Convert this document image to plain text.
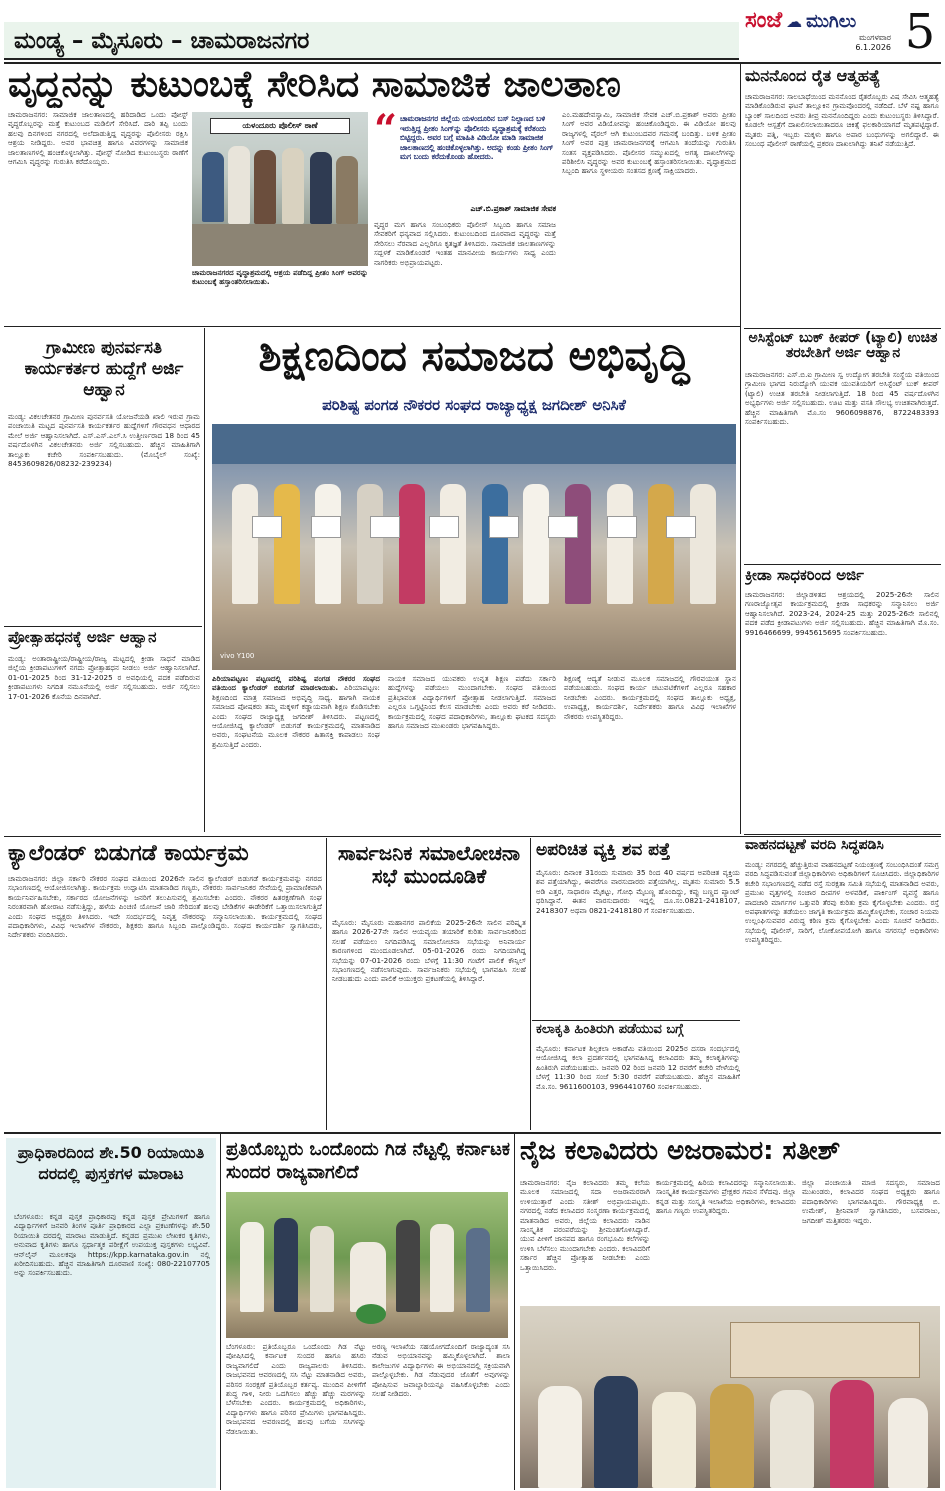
ಮಂಡ್ಯ – ಮೈಸೂರು – ಚಾಮರಾಜನಗರ
ಸಂಜೆ ☁ ಮುಗಿಲು
ಮಂಗಳವಾರ
6.1.2026 5
ವೃದ್ಧನನ್ನು ಕುಟುಂಬಕ್ಕೆ ಸೇರಿಸಿದ ಸಾಮಾಜಿಕ ಜಾಲತಾಣ
ಚಾಮರಾಜನಗರ: ಸಾಮಾಜಿಕ ಜಾಲತಾಣದಲ್ಲಿ ಹರಿದಾಡಿದ ಒಂದು ಪೋಸ್ಟ್ ವೃದ್ಧರೊಬ್ಬರನ್ನು ಮತ್ತೆ ಕುಟುಂಬದ ಮಡಿಲಿಗೆ ಸೇರಿಸಿದೆ. ದಾರಿ ತಪ್ಪಿ ಬಂದು ಹಲವು ದಿನಗಳಿಂದ ನಗರದಲ್ಲಿ ಅಲೆದಾಡುತ್ತಿದ್ದ ವೃದ್ಧರನ್ನು ಪೊಲೀಸರು ರಕ್ಷಿಸಿ ಆಶ್ರಯ ನೀಡಿದ್ದರು. ಅವರ ಭಾವಚಿತ್ರ ಹಾಗೂ ವಿವರಗಳನ್ನು ಸಾಮಾಜಿಕ ಜಾಲತಾಣಗಳಲ್ಲಿ ಹಂಚಿಕೊಳ್ಳಲಾಗಿತ್ತು. ಪೋಸ್ಟ್ ನೋಡಿದ ಕುಟುಂಬಸ್ಥರು ಠಾಣೆಗೆ ಆಗಮಿಸಿ ವೃದ್ಧರನ್ನು ಗುರುತಿಸಿ ಕರೆದೊಯ್ದರು.
ಯಳಂದೂರು ಪೊಲೀಸ್ ಠಾಣೆ
ಚಾಮರಾಜನಗರದ ವೃದ್ಧಾಶ್ರಮದಲ್ಲಿ ಆಶ್ರಯ ಪಡೆದಿದ್ದ ಪ್ರೀತಂ ಸಿಂಗ್ ಅವರನ್ನು ಕುಟುಂಬಕ್ಕೆ ಹಸ್ತಾಂತರಿಸಲಾಯಿತು.
“ ಚಾಮರಾಜನಗರ ಜಿಲ್ಲೆಯ ಯಳಂದೂರಿನ ಬಸ್ ನಿಲ್ದಾಣದ ಬಳಿ ಇರುತ್ತಿದ್ದ ಪ್ರೀತಂ ಸಿಂಗ್‌ನ್ನು ಪೊಲೀಸರು ವೃದ್ಧಾಶ್ರಮಕ್ಕೆ ಕರೆತಂದು ಬಿಟ್ಟಿದ್ದರು. ಅವರ ಬಗ್ಗೆ ಮಾಹಿತಿ ವಿಡಿಯೋ ಮಾಡಿ ಸಾಮಾಜಿಕ ಜಾಲತಾಣದಲ್ಲಿ ಹಂಚಿಕೊಳ್ಳಲಾಗಿತ್ತು. ಅದನ್ನು ಕಂಡು ಪ್ರೀತಂ ಸಿಂಗ್ ಮಗ ಬಂದು ಕರೆದುಕೊಂಡು ಹೋದರು.
ಎಚ್.ಬಿ.ಪ್ರಕಾಶ್ ಸಾಮಾಜಿಕ ಸೇವಕ
ವೃದ್ಧರ ಮಗ ಹಾಗೂ ಸಂಬಂಧಿಕರು ಪೊಲೀಸ್ ಸಿಬ್ಬಂದಿ ಹಾಗೂ ಸಮಾಜ ಸೇವಕರಿಗೆ ಧನ್ಯವಾದ ಸಲ್ಲಿಸಿದರು. ಕುಟುಂಬದಿಂದ ದೂರವಾದ ವೃದ್ಧರನ್ನು ಮತ್ತೆ ಸೇರಿಸಲು ನೆರವಾದ ಎಲ್ಲರಿಗೂ ಕೃತಜ್ಞತೆ ತಿಳಿಸಿದರು. ಸಾಮಾಜಿಕ ಜಾಲತಾಣಗಳನ್ನು ಸದ್ಬಳಕೆ ಮಾಡಿಕೊಂಡರೆ ಇಂತಹ ಮಾನವೀಯ ಕಾರ್ಯಗಳು ಸಾಧ್ಯ ಎಂದು ನಾಗರಿಕರು ಅಭಿಪ್ರಾಯಪಟ್ಟರು.
ಎಂ.ಮಹದೇವಸ್ವಾಮಿ, ಸಾಮಾಜಿಕ ಸೇವಕ ಎಚ್.ಬಿ.ಪ್ರಕಾಶ್ ಅವರು ಪ್ರೀತಂ ಸಿಂಗ್ ಅವರ ವಿಡಿಯೋವನ್ನು ಹಂಚಿಕೊಂಡಿದ್ದರು. ಈ ವಿಡಿಯೋ ಹಲವು ರಾಜ್ಯಗಳಲ್ಲಿ ವೈರಲ್ ಆಗಿ ಕುಟುಂಬದವರ ಗಮನಕ್ಕೆ ಬಂದಿತ್ತು. ಬಳಿಕ ಪ್ರೀತಂ ಸಿಂಗ್ ಅವರ ಪುತ್ರ ಚಾಮರಾಜನಗರಕ್ಕೆ ಆಗಮಿಸಿ ತಂದೆಯನ್ನು ಗುರುತಿಸಿ ಸಂತಸ ವ್ಯಕ್ತಪಡಿಸಿದರು. ಪೊಲೀಸರ ಸಮ್ಮುಖದಲ್ಲಿ ಅಗತ್ಯ ದಾಖಲೆಗಳನ್ನು ಪರಿಶೀಲಿಸಿ ವೃದ್ಧರನ್ನು ಅವರ ಕುಟುಂಬಕ್ಕೆ ಹಸ್ತಾಂತರಿಸಲಾಯಿತು. ವೃದ್ಧಾಶ್ರಮದ ಸಿಬ್ಬಂದಿ ಹಾಗೂ ಸ್ಥಳೀಯರು ಸಂತಸದ ಕ್ಷಣಕ್ಕೆ ಸಾಕ್ಷಿಯಾದರು.
ಮನನೊಂದ ರೈತ ಆತ್ಮಹತ್ಯೆ
ಚಾಮರಾಜನಗರ: ಸಾಲಬಾಧೆಯಿಂದ ಮನನೊಂದ ರೈತರೊಬ್ಬರು ವಿಷ ಸೇವಿಸಿ ಆತ್ಮಹತ್ಯೆ ಮಾಡಿಕೊಂಡಿರುವ ಘಟನೆ ತಾಲ್ಲೂಕಿನ ಗ್ರಾಮವೊಂದರಲ್ಲಿ ನಡೆದಿದೆ. ಬೆಳೆ ನಷ್ಟ ಹಾಗೂ ಬ್ಯಾಂಕ್ ಸಾಲದಿಂದ ಅವರು ತೀವ್ರ ಮನನೊಂದಿದ್ದರು ಎಂದು ಕುಟುಂಬಸ್ಥರು ತಿಳಿಸಿದ್ದಾರೆ. ಕೂಡಲೇ ಆಸ್ಪತ್ರೆಗೆ ದಾಖಲಿಸಲಾಯಿತಾದರೂ ಚಿಕಿತ್ಸೆ ಫಲಕಾರಿಯಾಗದೆ ಮೃತಪಟ್ಟಿದ್ದಾರೆ. ಮೃತರು ಪತ್ನಿ, ಇಬ್ಬರು ಮಕ್ಕಳು ಹಾಗೂ ಅಪಾರ ಬಂಧುಗಳನ್ನು ಅಗಲಿದ್ದಾರೆ. ಈ ಸಂಬಂಧ ಪೊಲೀಸ್ ಠಾಣೆಯಲ್ಲಿ ಪ್ರಕರಣ ದಾಖಲಾಗಿದ್ದು ತನಿಖೆ ನಡೆಯುತ್ತಿದೆ.
ಅಸಿಸ್ಟೆಂಟ್ ಬುಕ್ ಕೀಪರ್ (ಟ್ಯಾಲಿ) ಉಚಿತ ತರಬೇತಿಗೆ ಅರ್ಜಿ ಆಹ್ವಾನ
ಚಾಮರಾಜನಗರ: ಎಸ್.ಬಿ.ಐ ಗ್ರಾಮೀಣ ಸ್ವ ಉದ್ಯೋಗ ತರಬೇತಿ ಸಂಸ್ಥೆಯ ವತಿಯಿಂದ ಗ್ರಾಮೀಣ ಭಾಗದ ನಿರುದ್ಯೋಗಿ ಯುವಕ ಯುವತಿಯರಿಗೆ ಅಸಿಸ್ಟೆಂಟ್ ಬುಕ್ ಕೀಪರ್ (ಟ್ಯಾಲಿ) ಉಚಿತ ತರಬೇತಿ ನೀಡಲಾಗುತ್ತಿದೆ. 18 ರಿಂದ 45 ವರ್ಷದೊಳಗಿನ ಅಭ್ಯರ್ಥಿಗಳು ಅರ್ಜಿ ಸಲ್ಲಿಸಬಹುದು. ಊಟ ಮತ್ತು ವಸತಿ ಸೌಲಭ್ಯ ಉಚಿತವಾಗಿರುತ್ತದೆ. ಹೆಚ್ಚಿನ ಮಾಹಿತಿಗಾಗಿ ಮೊ.ಸಂ 9606098876, 8722483393 ಸಂಪರ್ಕಿಸಬಹುದು.
ಕ್ರೀಡಾ ಸಾಧಕರಿಂದ ಅರ್ಜಿ
ಚಾಮರಾಜನಗರ: ಜಿಲ್ಲಾಡಳಿತದ ಆಶ್ರಯದಲ್ಲಿ 2025-26ನೇ ಸಾಲಿನ ಗಣರಾಜ್ಯೋತ್ಸವ ಕಾರ್ಯಕ್ರಮದಲ್ಲಿ ಕ್ರೀಡಾ ಸಾಧಕರನ್ನು ಸನ್ಮಾನಿಸಲು ಅರ್ಜಿ ಆಹ್ವಾನಿಸಲಾಗಿದೆ. 2023-24, 2024-25 ಮತ್ತು 2025-26ನೇ ಸಾಲಿನಲ್ಲಿ ಪದಕ ಪಡೆದ ಕ್ರೀಡಾಪಟುಗಳು ಅರ್ಜಿ ಸಲ್ಲಿಸಬಹುದು. ಹೆಚ್ಚಿನ ಮಾಹಿತಿಗಾಗಿ ಮೊ.ಸಂ. 9916466699, 9945615695 ಸಂಪರ್ಕಿಸಬಹುದು.
ವಾಹನದಟ್ಟಣೆ ವರದಿ ಸಿದ್ಧಪಡಿಸಿ
ಮಂಡ್ಯ: ನಗರದಲ್ಲಿ ಹೆಚ್ಚುತ್ತಿರುವ ವಾಹನದಟ್ಟಣೆ ನಿಯಂತ್ರಣಕ್ಕೆ ಸಂಬಂಧಿಸಿದಂತೆ ಸಮಗ್ರ ವರದಿ ಸಿದ್ಧಪಡಿಸುವಂತೆ ಜಿಲ್ಲಾಧಿಕಾರಿಗಳು ಅಧಿಕಾರಿಗಳಿಗೆ ಸೂಚಿಸಿದರು. ಜಿಲ್ಲಾಧಿಕಾರಿಗಳ ಕಚೇರಿ ಸಭಾಂಗಣದಲ್ಲಿ ನಡೆದ ರಸ್ತೆ ಸುರಕ್ಷತಾ ಸಮಿತಿ ಸಭೆಯಲ್ಲಿ ಮಾತನಾಡಿದ ಅವರು, ಪ್ರಮುಖ ವೃತ್ತಗಳಲ್ಲಿ ಸಂಚಾರ ದೀಪಗಳ ಅಳವಡಿಕೆ, ಪಾರ್ಕಿಂಗ್ ವ್ಯವಸ್ಥೆ ಹಾಗೂ ಪಾದಚಾರಿ ಮಾರ್ಗಗಳ ಒತ್ತುವರಿ ತೆರವು ಕುರಿತು ಕ್ರಮ ಕೈಗೊಳ್ಳಬೇಕು ಎಂದರು. ರಸ್ತೆ ಅಪಘಾತಗಳನ್ನು ತಡೆಯಲು ಜಾಗೃತಿ ಕಾರ್ಯಕ್ರಮ ಹಮ್ಮಿಕೊಳ್ಳಬೇಕು, ಸಂಚಾರ ನಿಯಮ ಉಲ್ಲಂಘಿಸುವವರ ವಿರುದ್ಧ ಕಠಿಣ ಕ್ರಮ ಕೈಗೊಳ್ಳಬೇಕು ಎಂದು ಸೂಚನೆ ನೀಡಿದರು. ಸಭೆಯಲ್ಲಿ ಪೊಲೀಸ್, ಸಾರಿಗೆ, ಲೋಕೋಪಯೋಗಿ ಹಾಗೂ ನಗರಸಭೆ ಅಧಿಕಾರಿಗಳು ಉಪಸ್ಥಿತರಿದ್ದರು.
ಗ್ರಾಮೀಣ ಪುನರ್ವಸತಿ ಕಾರ್ಯಕರ್ತರ ಹುದ್ದೆಗೆ ಅರ್ಜಿ ಆಹ್ವಾನ
ಮಂಡ್ಯ: ವಿಕಲಚೇತನರ ಗ್ರಾಮೀಣ ಪುನರ್ವಸತಿ ಯೋಜನೆಯಡಿ ಖಾಲಿ ಇರುವ ಗ್ರಾಮ ಪಂಚಾಯಿತಿ ಮಟ್ಟದ ಪುನರ್ವಸತಿ ಕಾರ್ಯಕರ್ತರ ಹುದ್ದೆಗಳಿಗೆ ಗೌರವಧನ ಆಧಾರದ ಮೇಲೆ ಅರ್ಜಿ ಆಹ್ವಾನಿಸಲಾಗಿದೆ. ಎಸ್.ಎಸ್.ಎಲ್.ಸಿ ಉತ್ತೀರ್ಣರಾದ 18 ರಿಂದ 45 ವರ್ಷದೊಳಗಿನ ವಿಕಲಚೇತನರು ಅರ್ಜಿ ಸಲ್ಲಿಸಬಹುದು. ಹೆಚ್ಚಿನ ಮಾಹಿತಿಗಾಗಿ ತಾಲ್ಲೂಕು ಕಚೇರಿ ಸಂಪರ್ಕಿಸಬಹುದು. (ಮೊಬೈಲ್ ಸಂಖ್ಯೆ: 8453609826/08232-239234)
ಪ್ರೋತ್ಸಾಹಧನಕ್ಕೆ ಅರ್ಜಿ ಆಹ್ವಾನ
ಮಂಡ್ಯ: ಅಂತಾರಾಷ್ಟ್ರೀಯ/ರಾಷ್ಟ್ರೀಯ/ರಾಜ್ಯ ಮಟ್ಟದಲ್ಲಿ ಕ್ರೀಡಾ ಸಾಧನೆ ಮಾಡಿದ ಜಿಲ್ಲೆಯ ಕ್ರೀಡಾಪಟುಗಳಿಗೆ ನಗದು ಪ್ರೋತ್ಸಾಹಧನ ನೀಡಲು ಅರ್ಜಿ ಆಹ್ವಾನಿಸಲಾಗಿದೆ. 01-01-2025 ರಿಂದ 31-12-2025 ರ ಅವಧಿಯಲ್ಲಿ ಪದಕ ಪಡೆದಿರುವ ಕ್ರೀಡಾಪಟುಗಳು ನಿಗದಿತ ನಮೂನೆಯಲ್ಲಿ ಅರ್ಜಿ ಸಲ್ಲಿಸಬಹುದು. ಅರ್ಜಿ ಸಲ್ಲಿಸಲು 17-01-2026 ಕೊನೆಯ ದಿನವಾಗಿದೆ.
ಶಿಕ್ಷಣದಿಂದ ಸಮಾಜದ ಅಭಿವೃದ್ಧಿ
ಪರಿಶಿಷ್ಟ ಪಂಗಡ ನೌಕರರ ಸಂಘದ ರಾಜ್ಯಾಧ್ಯಕ್ಷ ಜಗದೀಶ್ ಅನಿಸಿಕೆ
vivo Y100
ಪಿರಿಯಾಪಟ್ಟಣ: ಪಟ್ಟಣದಲ್ಲಿ ಪರಿಶಿಷ್ಟ ಪಂಗಡ ನೌಕರರ ಸಂಘದ ವತಿಯಿಂದ ಕ್ಯಾಲೆಂಡರ್ ಬಿಡುಗಡೆ ಮಾಡಲಾಯಿತು. ಪಿರಿಯಾಪಟ್ಟಣ: ಶಿಕ್ಷಣದಿಂದ ಮಾತ್ರ ಸಮಾಜದ ಅಭಿವೃದ್ಧಿ ಸಾಧ್ಯ. ಹಾಗಾಗಿ ನಾಯಕ ಸಮಾಜದ ಪೋಷಕರು ತಮ್ಮ ಮಕ್ಕಳಿಗೆ ಕಡ್ಡಾಯವಾಗಿ ಶಿಕ್ಷಣ ಕೊಡಿಸಬೇಕು ಎಂದು ಸಂಘದ ರಾಜ್ಯಾಧ್ಯಕ್ಷ ಜಗದೀಶ್ ತಿಳಿಸಿದರು. ಪಟ್ಟಣದಲ್ಲಿ ಆಯೋಜಿಸಿದ್ದ ಕ್ಯಾಲೆಂಡರ್ ಬಿಡುಗಡೆ ಕಾರ್ಯಕ್ರಮದಲ್ಲಿ ಮಾತನಾಡಿದ ಅವರು, ಸಂಘಟನೆಯ ಮೂಲಕ ನೌಕರರ ಹಿತಾಸಕ್ತಿ ಕಾಪಾಡಲು ಸಂಘ ಶ್ರಮಿಸುತ್ತಿದೆ ಎಂದರು.
ನಾಯಕ ಸಮಾಜದ ಯುವಕರು ಉನ್ನತ ಶಿಕ್ಷಣ ಪಡೆದು ಸರ್ಕಾರಿ ಹುದ್ದೆಗಳನ್ನು ಪಡೆಯಲು ಮುಂದಾಗಬೇಕು. ಸಂಘದ ವತಿಯಿಂದ ಪ್ರತಿಭಾವಂತ ವಿದ್ಯಾರ್ಥಿಗಳಿಗೆ ಪ್ರೋತ್ಸಾಹ ನೀಡಲಾಗುತ್ತಿದೆ. ಸಮಾಜದ ಎಲ್ಲರೂ ಒಗ್ಗಟ್ಟಿನಿಂದ ಕೆಲಸ ಮಾಡಬೇಕು ಎಂದು ಅವರು ಕರೆ ನೀಡಿದರು. ಕಾರ್ಯಕ್ರಮದಲ್ಲಿ ಸಂಘದ ಪದಾಧಿಕಾರಿಗಳು, ತಾಲ್ಲೂಕು ಘಟಕದ ಸದಸ್ಯರು ಹಾಗೂ ಸಮಾಜದ ಮುಖಂಡರು ಭಾಗವಹಿಸಿದ್ದರು.
ಶಿಕ್ಷಣಕ್ಕೆ ಆದ್ಯತೆ ನೀಡುವ ಮೂಲಕ ಸಮಾಜದಲ್ಲಿ ಗೌರವಯುತ ಸ್ಥಾನ ಪಡೆಯಬಹುದು. ಸಂಘದ ಕಾರ್ಯ ಚಟುವಟಿಕೆಗಳಿಗೆ ಎಲ್ಲರೂ ಸಹಕಾರ ನೀಡಬೇಕು ಎಂದರು. ಕಾರ್ಯಕ್ರಮದಲ್ಲಿ ಸಂಘದ ತಾಲ್ಲೂಕು ಅಧ್ಯಕ್ಷ, ಉಪಾಧ್ಯಕ್ಷ, ಕಾರ್ಯದರ್ಶಿ, ನಿರ್ದೇಶಕರು ಹಾಗೂ ವಿವಿಧ ಇಲಾಖೆಗಳ ನೌಕರರು ಉಪಸ್ಥಿತರಿದ್ದರು.
ಕ್ಯಾಲೆಂಡರ್ ಬಿಡುಗಡೆ ಕಾರ್ಯಕ್ರಮ
ಚಾಮರಾಜನಗರ: ಜಿಲ್ಲಾ ಸರ್ಕಾರಿ ನೌಕರರ ಸಂಘದ ವತಿಯಿಂದ 2026ನೇ ಸಾಲಿನ ಕ್ಯಾಲೆಂಡರ್ ಬಿಡುಗಡೆ ಕಾರ್ಯಕ್ರಮವನ್ನು ನಗರದ ಸಭಾಂಗಣದಲ್ಲಿ ಆಯೋಜಿಸಲಾಗಿತ್ತು. ಕಾರ್ಯಕ್ರಮ ಉದ್ಘಾಟಿಸಿ ಮಾತನಾಡಿದ ಗಣ್ಯರು, ನೌಕರರು ಸಾರ್ವಜನಿಕರ ಸೇವೆಯಲ್ಲಿ ಪ್ರಾಮಾಣಿಕವಾಗಿ ಕಾರ್ಯನಿರ್ವಹಿಸಬೇಕು, ಸರ್ಕಾರದ ಯೋಜನೆಗಳನ್ನು ಜನರಿಗೆ ತಲುಪಿಸುವಲ್ಲಿ ಶ್ರಮಿಸಬೇಕು ಎಂದರು. ನೌಕರರ ಹಿತರಕ್ಷಣೆಗಾಗಿ ಸಂಘ ನಿರಂತರವಾಗಿ ಹೋರಾಟ ನಡೆಸುತ್ತಿದ್ದು, ಹಳೆಯ ಪಿಂಚಣಿ ಯೋಜನೆ ಜಾರಿ ಸೇರಿದಂತೆ ಹಲವು ಬೇಡಿಕೆಗಳ ಈಡೇರಿಕೆಗೆ ಒತ್ತಾಯಿಸಲಾಗುತ್ತಿದೆ ಎಂದು ಸಂಘದ ಅಧ್ಯಕ್ಷರು ತಿಳಿಸಿದರು. ಇದೇ ಸಂದರ್ಭದಲ್ಲಿ ನಿವೃತ್ತ ನೌಕರರನ್ನು ಸನ್ಮಾನಿಸಲಾಯಿತು. ಕಾರ್ಯಕ್ರಮದಲ್ಲಿ ಸಂಘದ ಪದಾಧಿಕಾರಿಗಳು, ವಿವಿಧ ಇಲಾಖೆಗಳ ನೌಕರರು, ಶಿಕ್ಷಕರು ಹಾಗೂ ಸಿಬ್ಬಂದಿ ಪಾಲ್ಗೊಂಡಿದ್ದರು. ಸಂಘದ ಕಾರ್ಯದರ್ಶಿ ಸ್ವಾಗತಿಸಿದರು, ನಿರ್ದೇಶಕರು ವಂದಿಸಿದರು.
ಸಾರ್ವಜನಿಕ ಸಮಾಲೋಚನಾ ಸಭೆ ಮುಂದೂಡಿಕೆ
ಮೈಸೂರು: ಮೈಸೂರು ಮಹಾನಗರ ಪಾಲಿಕೆಯ 2025-26ನೇ ಸಾಲಿನ ಪರಿಷ್ಕೃತ ಹಾಗೂ 2026-27ನೇ ಸಾಲಿನ ಆಯವ್ಯಯ ತಯಾರಿಕೆ ಕುರಿತು ಸಾರ್ವಜನಿಕರಿಂದ ಸಲಹೆ ಪಡೆಯಲು ನಿಗದಿಪಡಿಸಿದ್ದ ಸಮಾಲೋಚನಾ ಸಭೆಯನ್ನು ಅನಿವಾರ್ಯ ಕಾರಣಗಳಿಂದ ಮುಂದೂಡಲಾಗಿದೆ. 05-01-2026 ರಂದು ನಿಗದಿಯಾಗಿದ್ದ ಸಭೆಯನ್ನು 07-01-2026 ರಂದು ಬೆಳಗ್ಗೆ 11:30 ಗಂಟೆಗೆ ಪಾಲಿಕೆ ಕೌನ್ಸಿಲ್ ಸಭಾಂಗಣದಲ್ಲಿ ನಡೆಸಲಾಗುವುದು. ಸಾರ್ವಜನಿಕರು ಸಭೆಯಲ್ಲಿ ಭಾಗವಹಿಸಿ ಸಲಹೆ ನೀಡಬಹುದು ಎಂದು ಪಾಲಿಕೆ ಆಯುಕ್ತರು ಪ್ರಕಟಣೆಯಲ್ಲಿ ತಿಳಿಸಿದ್ದಾರೆ.
ಅಪರಿಚಿತ ವ್ಯಕ್ತಿ ಶವ ಪತ್ತೆ
ಮೈಸೂರು: ದಿನಾಂಕ 31ರಂದು ಸುಮಾರು 35 ರಿಂದ 40 ವರ್ಷದ ಅಪರಿಚಿತ ವ್ಯಕ್ತಿಯ ಶವ ಪತ್ತೆಯಾಗಿದ್ದು, ಈವರೆಗೂ ವಾರಸುದಾರರು ಪತ್ತೆಯಾಗಿಲ್ಲ. ಮೃತನು ಸುಮಾರು 5.5 ಅಡಿ ಎತ್ತರ, ಸಾಧಾರಣ ಮೈಕಟ್ಟು, ಗೋಧಿ ಮೈಬಣ್ಣ ಹೊಂದಿದ್ದು, ಕಪ್ಪು ಬಣ್ಣದ ಪ್ಯಾಂಟ್ ಧರಿಸಿದ್ದಾನೆ. ಈತನ ವಾರಸುದಾರರು ಇದ್ದಲ್ಲಿ ದೂ.ಸಂ.0821-2418107, 2418307 ಅಥವಾ 0821-2418180 ಗೆ ಸಂಪರ್ಕಿಸಬಹುದು.
ಕಲಾಕೃತಿ ಹಿಂತಿರುಗಿ ಪಡೆಯುವ ಬಗ್ಗೆ
ಮೈಸೂರು: ಕರ್ನಾಟಕ ಶಿಲ್ಪಕಲಾ ಅಕಾಡೆಮಿ ವತಿಯಿಂದ 2025ರ ದಸರಾ ಸಂದರ್ಭದಲ್ಲಿ ಆಯೋಜಿಸಿದ್ದ ಕಲಾ ಪ್ರದರ್ಶನದಲ್ಲಿ ಭಾಗವಹಿಸಿದ್ದ ಕಲಾವಿದರು ತಮ್ಮ ಕಲಾಕೃತಿಗಳನ್ನು ಹಿಂತಿರುಗಿ ಪಡೆಯಬಹುದು. ಜನವರಿ 02 ರಿಂದ ಜನವರಿ 12 ರವರೆಗೆ ಕಚೇರಿ ವೇಳೆಯಲ್ಲಿ ಬೆಳಗ್ಗೆ 11:30 ರಿಂದ ಸಂಜೆ 5:30 ರವರೆಗೆ ಪಡೆಯಬಹುದು. ಹೆಚ್ಚಿನ ಮಾಹಿತಿಗೆ ಮೊ.ಸಂ. 9611600103, 9964410760 ಸಂಪರ್ಕಿಸಬಹುದು.
ಪ್ರಾಧಿಕಾರದಿಂದ ಶೇ.50 ರಿಯಾಯಿತಿ ದರದಲ್ಲಿ ಪುಸ್ತಕಗಳ ಮಾರಾಟ
ಬೆಂಗಳೂರು: ಕನ್ನಡ ಪುಸ್ತಕ ಪ್ರಾಧಿಕಾರವು ಕನ್ನಡ ಪುಸ್ತಕ ಪ್ರೇಮಿಗಳಿಗೆ ಹಾಗೂ ವಿದ್ಯಾರ್ಥಿಗಳಿಗೆ ಜನವರಿ ತಿಂಗಳ ಪೂರ್ತಿ ಪ್ರಾಧಿಕಾರದ ಎಲ್ಲಾ ಪ್ರಕಟಣೆಗಳನ್ನು ಶೇ.50 ರಿಯಾಯಿತಿ ದರದಲ್ಲಿ ಮಾರಾಟ ಮಾಡುತ್ತಿದೆ. ಕನ್ನಡದ ಪ್ರಮುಖ ಲೇಖಕರ ಕೃತಿಗಳು, ಅನುವಾದ ಕೃತಿಗಳು ಹಾಗೂ ಸ್ಪರ್ಧಾತ್ಮಕ ಪರೀಕ್ಷೆಗೆ ಉಪಯುಕ್ತ ಪುಸ್ತಕಗಳು ಲಭ್ಯವಿವೆ. ಆನ್‌ಲೈನ್ ಮೂಲಕವೂ https://kpp.karnataka.gov.in ನಲ್ಲಿ ಖರೀದಿಸಬಹುದು. ಹೆಚ್ಚಿನ ಮಾಹಿತಿಗಾಗಿ ದೂರವಾಣಿ ಸಂಖ್ಯೆ: 080-22107705 ಅನ್ನು ಸಂಪರ್ಕಿಸಬಹುದು.
ಪ್ರತಿಯೊಬ್ಬರು ಒಂದೊಂದು ಗಿಡ ನೆಟ್ಟಲ್ಲಿ ಕರ್ನಾಟಕ ಸುಂದರ ರಾಜ್ಯವಾಗಲಿದೆ
ಬೆಂಗಳೂರು: ಪ್ರತಿಯೊಬ್ಬರೂ ಒಂದೊಂದು ಗಿಡ ನೆಟ್ಟು ಪೋಷಿಸಿದಲ್ಲಿ ಕರ್ನಾಟಕ ಸುಂದರ ಹಾಗೂ ಹಸಿರು ರಾಜ್ಯವಾಗಲಿದೆ ಎಂದು ರಾಜ್ಯಪಾಲರು ತಿಳಿಸಿದರು. ರಾಜಭವನದ ಆವರಣದಲ್ಲಿ ಸಸಿ ನೆಟ್ಟು ಮಾತನಾಡಿದ ಅವರು, ಪರಿಸರ ಸಂರಕ್ಷಣೆ ಪ್ರತಿಯೊಬ್ಬರ ಕರ್ತವ್ಯ. ಮುಂದಿನ ಪೀಳಿಗೆಗೆ ಶುದ್ಧ ಗಾಳಿ, ನೀರು ಒದಗಿಸಲು ಹೆಚ್ಚು ಹೆಚ್ಚು ಮರಗಳನ್ನು ಬೆಳೆಸಬೇಕು ಎಂದರು. ಕಾರ್ಯಕ್ರಮದಲ್ಲಿ ಅಧಿಕಾರಿಗಳು, ವಿದ್ಯಾರ್ಥಿಗಳು ಹಾಗೂ ಪರಿಸರ ಪ್ರೇಮಿಗಳು ಭಾಗವಹಿಸಿದ್ದರು. ರಾಜಭವನದ ಆವರಣದಲ್ಲಿ ಹಲವು ಬಗೆಯ ಸಸಿಗಳನ್ನು ನೆಡಲಾಯಿತು.
ಅರಣ್ಯ ಇಲಾಖೆಯ ಸಹಯೋಗದೊಂದಿಗೆ ರಾಜ್ಯಾದ್ಯಂತ ಸಸಿ ನೆಡುವ ಅಭಿಯಾನವನ್ನು ಹಮ್ಮಿಕೊಳ್ಳಲಾಗಿದೆ. ಶಾಲಾ ಕಾಲೇಜುಗಳ ವಿದ್ಯಾರ್ಥಿಗಳು ಈ ಅಭಿಯಾನದಲ್ಲಿ ಸಕ್ರಿಯವಾಗಿ ಪಾಲ್ಗೊಳ್ಳಬೇಕು. ಗಿಡ ನೆಡುವುದರ ಜೊತೆಗೆ ಅವುಗಳನ್ನು ಪೋಷಿಸುವ ಜವಾಬ್ದಾರಿಯನ್ನೂ ವಹಿಸಿಕೊಳ್ಳಬೇಕು ಎಂದು ಸಲಹೆ ನೀಡಿದರು.
ನೈಜ ಕಲಾವಿದರು ಅಜರಾಮರ: ಸತೀಶ್
ಚಾಮರಾಜನಗರ: ನೈಜ ಕಲಾವಿದರು ತಮ್ಮ ಕಲೆಯ ಮೂಲಕ ಸಮಾಜದಲ್ಲಿ ಸದಾ ಅಜರಾಮರರಾಗಿ ಉಳಿಯುತ್ತಾರೆ ಎಂದು ಸತೀಶ್ ಅಭಿಪ್ರಾಯಪಟ್ಟರು. ನಗರದಲ್ಲಿ ನಡೆದ ಕಲಾವಿದರ ಸಂಸ್ಮರಣಾ ಕಾರ್ಯಕ್ರಮದಲ್ಲಿ ಮಾತನಾಡಿದ ಅವರು, ಜಿಲ್ಲೆಯ ಕಲಾವಿದರು ನಾಡಿನ ಸಾಂಸ್ಕೃತಿಕ ಪರಂಪರೆಯನ್ನು ಶ್ರೀಮಂತಗೊಳಿಸಿದ್ದಾರೆ. ಯುವ ಪೀಳಿಗೆ ಜಾನಪದ ಹಾಗೂ ರಂಗಭೂಮಿ ಕಲೆಗಳನ್ನು ಉಳಿಸಿ ಬೆಳೆಸಲು ಮುಂದಾಗಬೇಕು ಎಂದರು. ಕಲಾವಿದರಿಗೆ ಸರ್ಕಾರ ಹೆಚ್ಚಿನ ಪ್ರೋತ್ಸಾಹ ನೀಡಬೇಕು ಎಂದು ಒತ್ತಾಯಿಸಿದರು.
ಕಾರ್ಯಕ್ರಮದಲ್ಲಿ ಹಿರಿಯ ಕಲಾವಿದರನ್ನು ಸನ್ಮಾನಿಸಲಾಯಿತು. ಸಾಂಸ್ಕೃತಿಕ ಕಾರ್ಯಕ್ರಮಗಳು ಪ್ರೇಕ್ಷಕರ ಗಮನ ಸೆಳೆದವು. ಜಿಲ್ಲಾ ಕನ್ನಡ ಮತ್ತು ಸಂಸ್ಕೃತಿ ಇಲಾಖೆಯ ಅಧಿಕಾರಿಗಳು, ಕಲಾವಿದರು ಹಾಗೂ ಗಣ್ಯರು ಉಪಸ್ಥಿತರಿದ್ದರು.
ಜಿಲ್ಲಾ ಪಂಚಾಯಿತಿ ಮಾಜಿ ಸದಸ್ಯರು, ಸಮಾಜದ ಮುಖಂಡರು, ಕಲಾವಿದರ ಸಂಘದ ಅಧ್ಯಕ್ಷರು ಹಾಗೂ ಪದಾಧಿಕಾರಿಗಳು ಭಾಗವಹಿಸಿದ್ದರು. ಗೌರವಾಧ್ಯಕ್ಷ ಬಿ. ಉಮೇಶ್, ಶ್ರೀನಿವಾಸ್ ಸ್ವಾಗತಿಸಿದರು, ಬಸವರಾಜು, ಜಗದೀಶ್ ಮತ್ತಿತರರು ಇದ್ದರು.
